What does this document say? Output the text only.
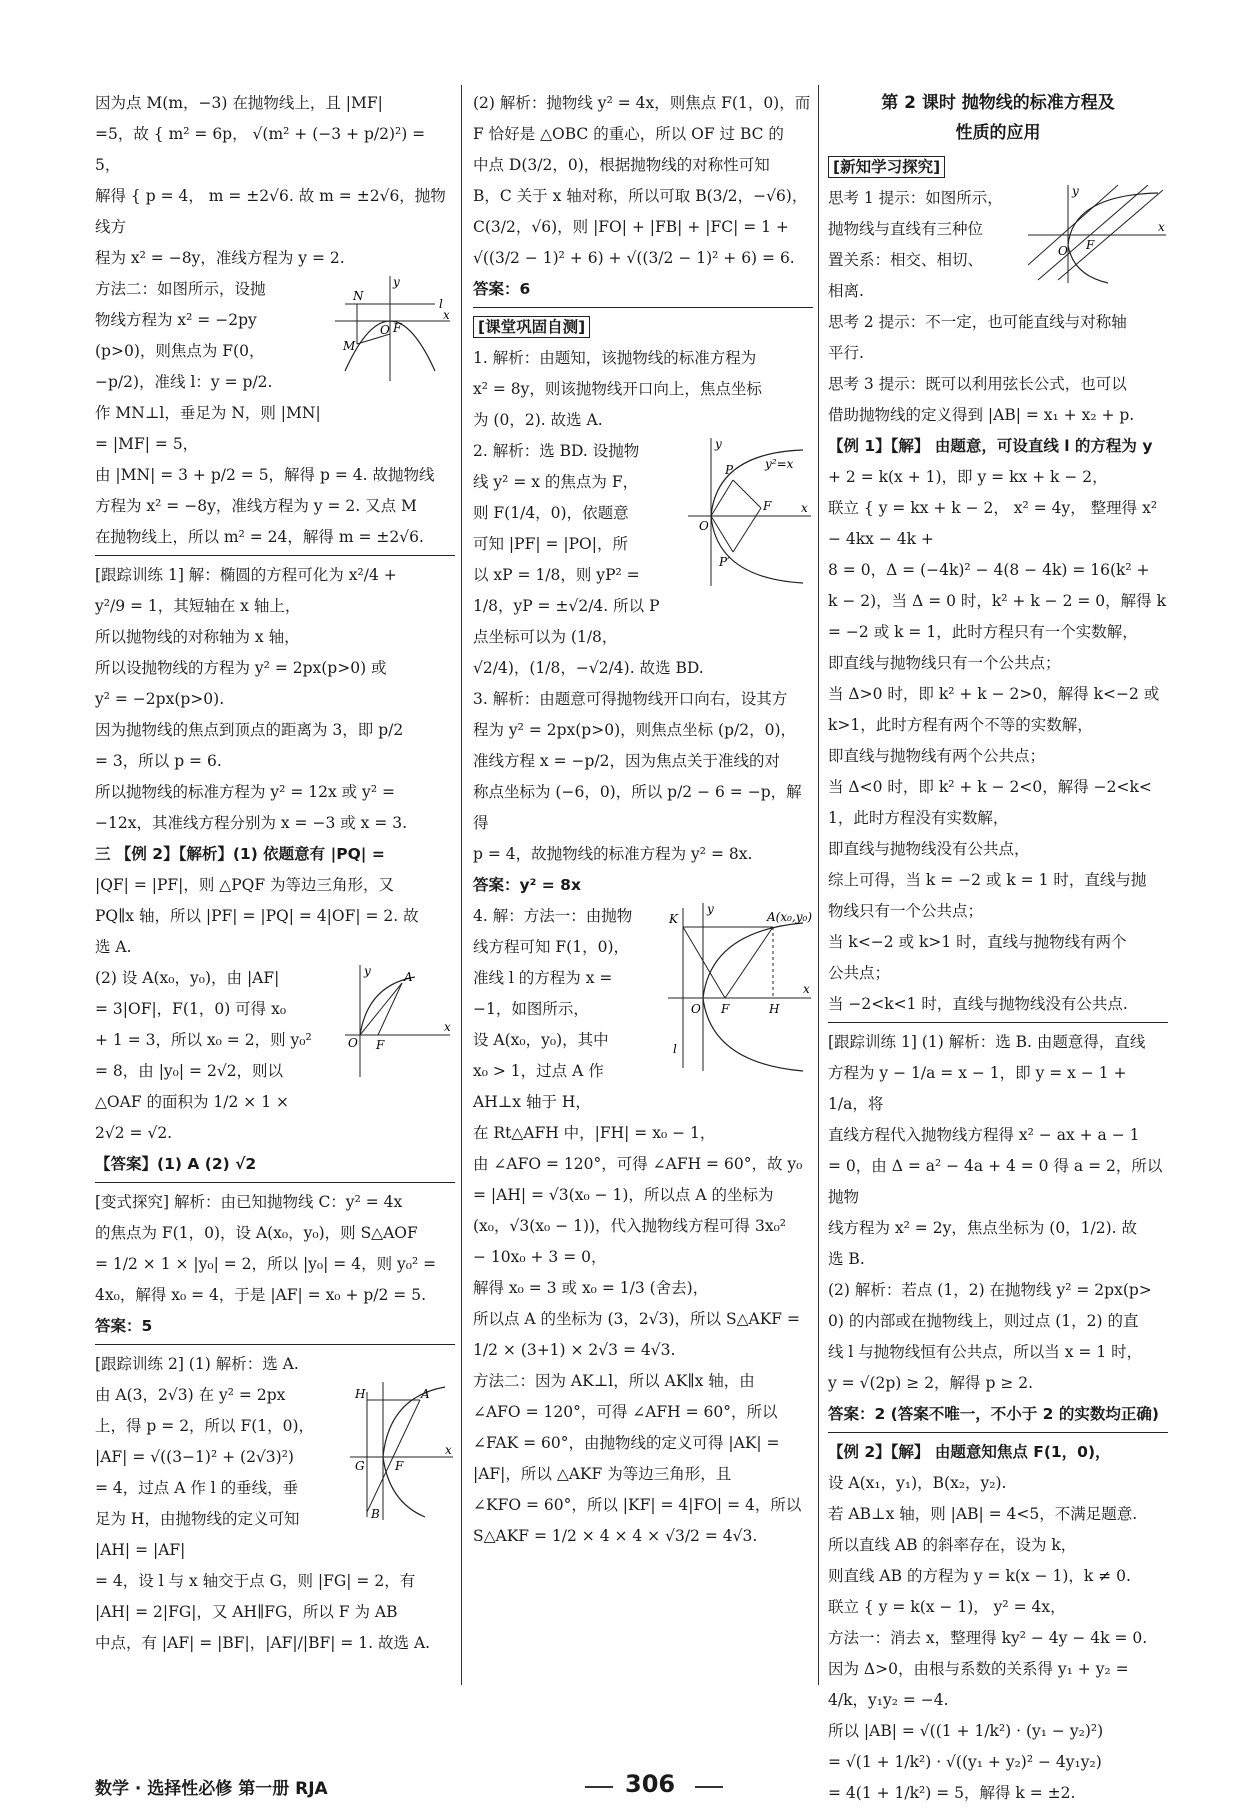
因为点 M(m，−3) 在抛物线上，且 |MF|

=5，故 { m² = 6p， √(m² + (−3 + p/2)²) = 5，

解得 { p = 4， m = ±2√6. 故 m = ±2√6，抛物线方

程为 x² = −8y，准线方程为 y = 2.

N
l
F
M
x
y
O

方法二：如图所示，设抛

物线方程为 x² = −2py

(p>0)，则焦点为 F(0，

−p/2)，准线 l：y = p/2.

作 MN⊥l，垂足为 N，则 |MN| = |MF| = 5，

由 |MN| = 3 + p/2 = 5，解得 p = 4. 故抛物线

方程为 x² = −8y，准线方程为 y = 2. 又点 M

在抛物线上，所以 m² = 24，解得 m = ±2√6.

[跟踪训练 1] 解：椭圆的方程可化为 x²/4 +

y²/9 = 1，其短轴在 x 轴上，

所以抛物线的对称轴为 x 轴，

所以设抛物线的方程为 y² = 2px(p>0) 或

y² = −2px(p>0).

因为抛物线的焦点到顶点的距离为 3，即 p/2

= 3，所以 p = 6.

所以抛物线的标准方程为 y² = 12x 或 y² =

−12x，其准线方程分别为 x = −3 或 x = 3.

三 【例 2】【解析】(1) 依题意有 |PQ| =

|QF| = |PF|，则 △PQF 为等边三角形，又

PQ∥x 轴，所以 |PF| = |PQ| = 4|OF| = 2. 故

选 A.

A
O F
x
y

(2) 设 A(x₀，y₀)，由 |AF|

= 3|OF|，F(1，0) 可得 x₀

+ 1 = 3，所以 x₀ = 2，则 y₀²

= 8，由 |y₀| = 2√2，则以

△OAF 的面积为 1/2 × 1 ×

2√2 = √2.

【答案】(1) A (2) √2

[变式探究] 解析：由已知抛物线 C：y² = 4x

的焦点为 F(1，0)，设 A(x₀，y₀)，则 S△AOF

= 1/2 × 1 × |y₀| = 2，所以 |y₀| = 4，则 y₀² =

4x₀，解得 x₀ = 4，于是 |AF| = x₀ + p/2 = 5.

答案：5

[跟踪训练 2] (1) 解析：选 A.

H	A
F
G
B
x

由 A(3，2√3) 在 y² = 2px

上，得 p = 2，所以 F(1，0)，

|AF| = √((3−1)² + (2√3)²)

= 4，过点 A 作 l 的垂线，垂

足为 H，由抛物线的定义可知 |AH| = |AF|

= 4，设 l 与 x 轴交于点 G，则 |FG| = 2，有

|AH| = 2|FG|，又 AH∥FG，所以 F 为 AB

中点，有 |AF| = |BF|，|AF|/|BF| = 1. 故选 A.

(2) 解析：抛物线 y² = 4x，则焦点 F(1，0)，而

F 恰好是 △OBC 的重心，所以 OF 过 BC 的

中点 D(3/2，0)，根据抛物线的对称性可知

B，C 关于 x 轴对称，所以可取 B(3/2，−√6)，

C(3/2，√6)，则 |FO| + |FB| + |FC| = 1 +

√((3/2 − 1)² + 6) + √((3/2 − 1)² + 6) = 6.

答案：6

[课堂巩固自测]

1. 解析：由题知，该抛物线的标准方程为

x² = 8y，则该抛物线开口向上，焦点坐标

为 (0，2). 故选 A.

P
F
O
P′
y²=x
x
y

2. 解析：选 BD. 设抛物

线 y² = x 的焦点为 F，

则 F(1/4，0)，依题意

可知 |PF| = |PO|，所

以 xP = 1/8，则 yP² =

1/8，yP = ±√2/4. 所以 P 点坐标可以为 (1/8，

√2/4)，(1/8，−√2/4). 故选 BD.

3. 解析：由题意可得抛物线开口向右，设其方

程为 y² = 2px(p>0)，则焦点坐标 (p/2，0)，

准线方程 x = −p/2，因为焦点关于准线的对

称点坐标为 (−6，0)，所以 p/2 − 6 = −p，解得

p = 4，故抛物线的标准方程为 y² = 8x.

答案：y² = 8x

K	A(x₀,y₀)
O F	H
l
x
y

4. 解：方法一：由抛物

线方程可知 F(1，0)，

准线 l 的方程为 x =

−1，如图所示，

设 A(x₀，y₀)，其中

x₀ > 1，过点 A 作

AH⊥x 轴于 H，

在 Rt△AFH 中，|FH| = x₀ − 1，

由 ∠AFO = 120°，可得 ∠AFH = 60°，故 y₀

= |AH| = √3(x₀ − 1)，所以点 A 的坐标为

(x₀，√3(x₀ − 1))，代入抛物线方程可得 3x₀²

− 10x₀ + 3 = 0，

解得 x₀ = 3 或 x₀ = 1/3 (舍去)，

所以点 A 的坐标为 (3，2√3)，所以 S△AKF =

1/2 × (3+1) × 2√3 = 4√3.

方法二：因为 AK⊥l，所以 AK∥x 轴，由

∠AFO = 120°，可得 ∠AFH = 60°，所以

∠FAK = 60°，由抛物线的定义可得 |AK| =

|AF|，所以 △AKF 为等边三角形，且

∠KFO = 60°，所以 |KF| = 4|FO| = 4，所以

S△AKF = 1/2 × 4 × 4 × √3/2 = 4√3.

第 2 课时 抛物线的标准方程及
性质的应用

[新知学习探究]

O F
x
y

思考 1 提示：如图所示，

抛物线与直线有三种位

置关系：相交、相切、

相离.

思考 2 提示：不一定，也可能直线与对称轴

平行.

思考 3 提示：既可以利用弦长公式，也可以

借助抛物线的定义得到 |AB| = x₁ + x₂ + p.

【例 1】【解】 由题意，可设直线 l 的方程为 y

+ 2 = k(x + 1)，即 y = kx + k − 2，

联立 { y = kx + k − 2， x² = 4y， 整理得 x² − 4kx − 4k +

8 = 0，Δ = (−4k)² − 4(8 − 4k) = 16(k² +

k − 2)，当 Δ = 0 时，k² + k − 2 = 0，解得 k

= −2 或 k = 1，此时方程只有一个实数解，

即直线与抛物线只有一个公共点；

当 Δ>0 时，即 k² + k − 2>0，解得 k<−2 或

k>1，此时方程有两个不等的实数解，

即直线与抛物线有两个公共点；

当 Δ<0 时，即 k² + k − 2<0，解得 −2<k<

1，此时方程没有实数解，

即直线与抛物线没有公共点，

综上可得，当 k = −2 或 k = 1 时，直线与抛

物线只有一个公共点；

当 k<−2 或 k>1 时，直线与抛物线有两个

公共点；

当 −2<k<1 时，直线与抛物线没有公共点.

[跟踪训练 1] (1) 解析：选 B. 由题意得，直线

方程为 y − 1/a = x − 1，即 y = x − 1 + 1/a，将

直线方程代入抛物线方程得 x² − ax + a − 1

= 0，由 Δ = a² − 4a + 4 = 0 得 a = 2，所以抛物

线方程为 x² = 2y，焦点坐标为 (0，1/2). 故

选 B.

(2) 解析：若点 (1，2) 在抛物线 y² = 2px(p>

0) 的内部或在抛物线上，则过点 (1，2) 的直

线 l 与抛物线恒有公共点，所以当 x = 1 时，

y = √(2p) ≥ 2，解得 p ≥ 2.

答案：2 (答案不唯一，不小于 2 的实数均正确)

【例 2】【解】 由题意知焦点 F(1，0)，

设 A(x₁，y₁)，B(x₂，y₂).

若 AB⊥x 轴，则 |AB| = 4<5，不满足题意.

所以直线 AB 的斜率存在，设为 k，

则直线 AB 的方程为 y = k(x − 1)，k ≠ 0.

联立 { y = k(x − 1)， y² = 4x，

方法一：消去 x，整理得 ky² − 4y − 4k = 0.

因为 Δ>0，由根与系数的关系得 y₁ + y₂ =

4/k，y₁y₂ = −4.

所以 |AB| = √((1 + 1/k²) · (y₁ − y₂)²)

= √(1 + 1/k²) · √((y₁ + y₂)² − 4y₁y₂)

= 4(1 + 1/k²) = 5，解得 k = ±2.

数学 · 选择性必修 第一册 RJA	306
